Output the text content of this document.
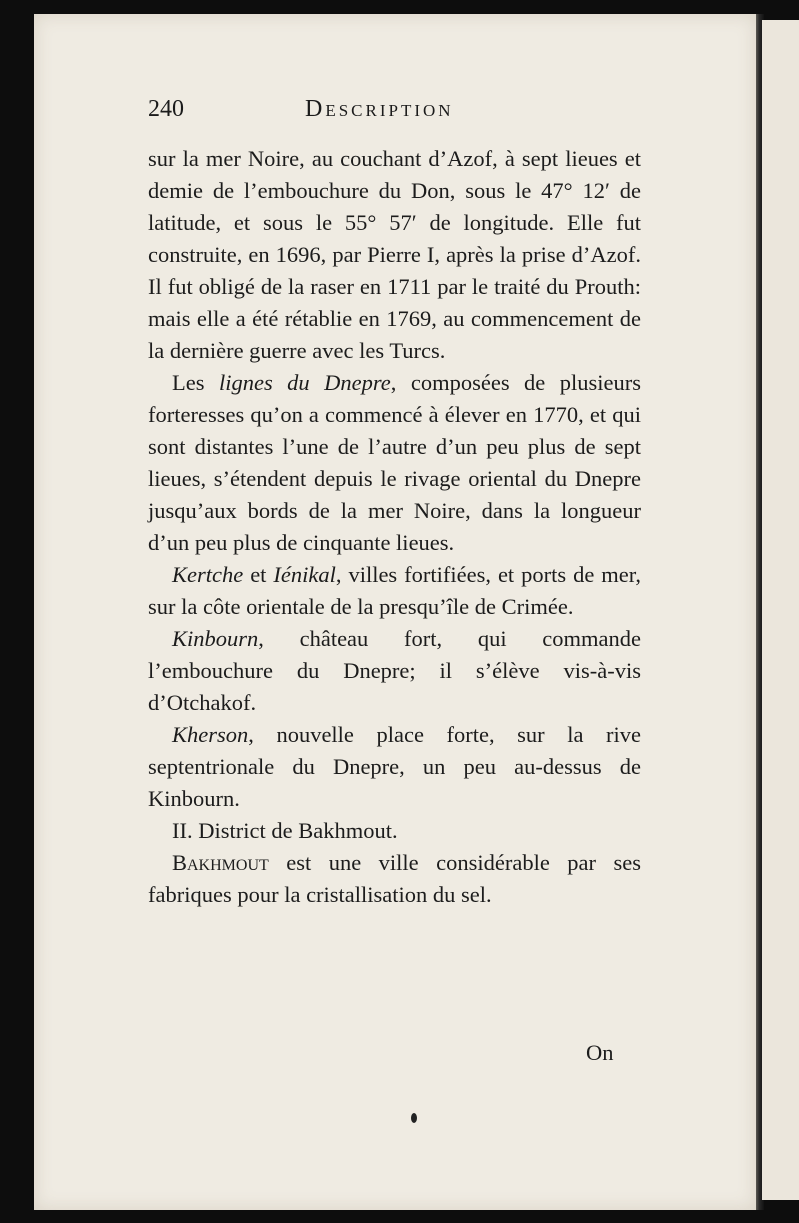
240	Description

sur la mer Noire, au couchant d’Azof, à sept lieues et demie de l’embouchure du Don, sous le 47° 12′ de latitude, et sous le 55° 57′ de longitude. Elle fut construite, en 1696, par Pierre I, après la prise d’Azof. Il fut obligé de la raser en 1711 par le traité du Prouth: mais elle a été rétablie en 1769, au commencement de la dernière guerre avec les Turcs.

Les lignes du Dnepre, composées de plusieurs forteresses qu’on a commencé à élever en 1770, et qui sont distantes l’une de l’autre d’un peu plus de sept lieues, s’étendent depuis le rivage oriental du Dnepre jusqu’aux bords de la mer Noire, dans la longueur d’un peu plus de cinquante lieues.

Kertche et Iénikal, villes fortifiées, et ports de mer, sur la côte orientale de la presqu’île de Crimée.

Kinbourn, château fort, qui commande l’embouchure du Dnepre; il s’élève vis-à-vis d’Otchakof.

Kherson, nouvelle place forte, sur la rive septentrionale du Dnepre, un peu au-dessus de Kinbourn.

II. District de Bakhmout.

Bakhmout est une ville considérable par ses fabriques pour la cristallisation du sel.

On
